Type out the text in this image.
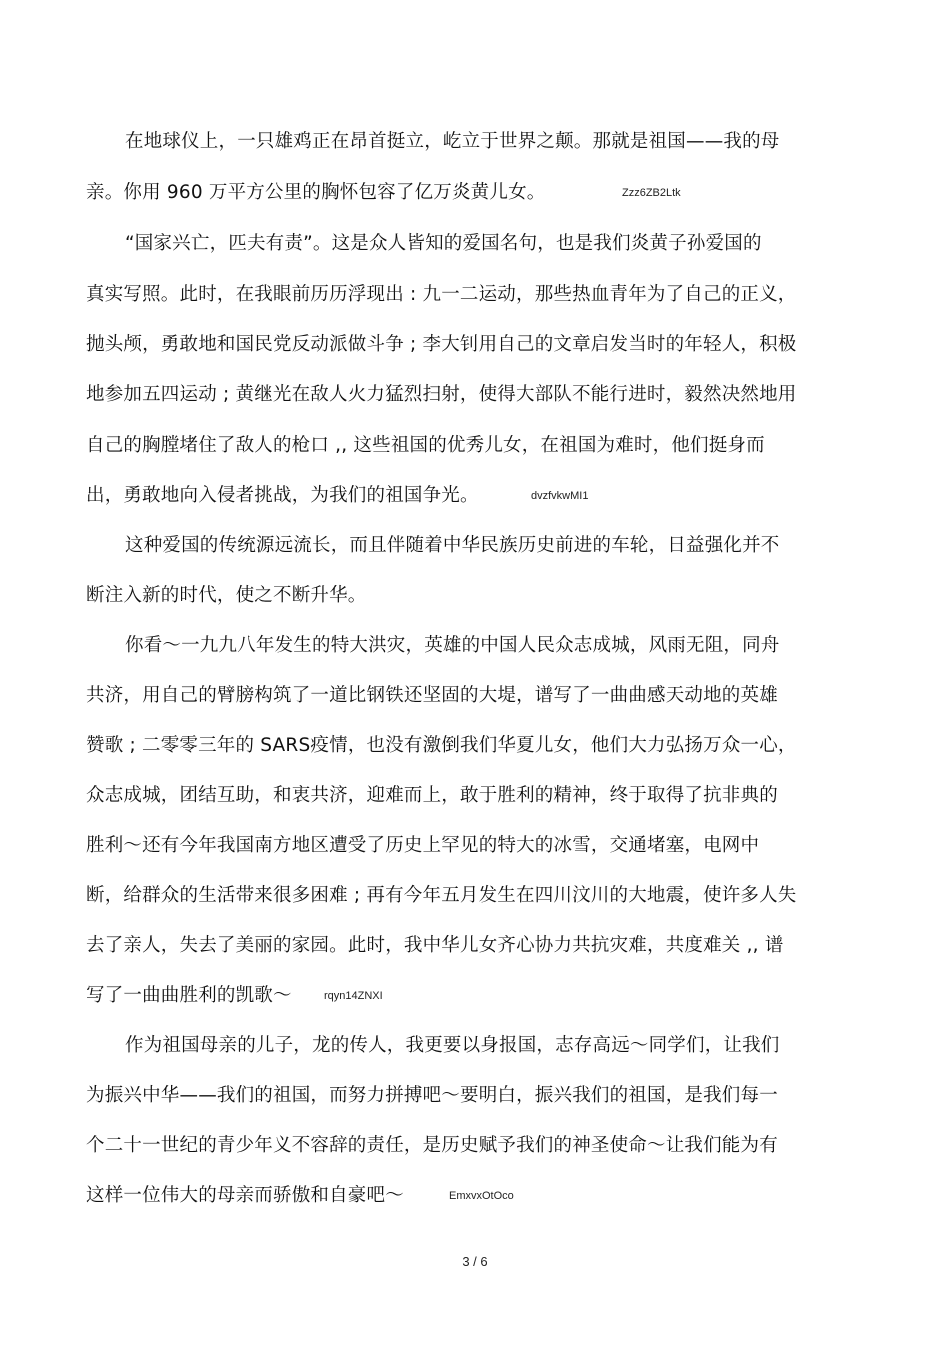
在地球仪上，一只雄鸡正在昂首挺立，屹立于世界之颠。那就是祖国——我的母
亲。你用 960 万平方公里的胸怀包容了亿万炎黄儿女。	Zzz6ZB2Ltk
“国家兴亡，匹夫有责”。这是众人皆知的爱国名句，也是我们炎黄子孙爱国的
真实写照。此时，在我眼前历历浮现出 : 九一二运动，那些热血青年为了自己的正义，
抛头颅，勇敢地和国民党反动派做斗争 ; 李大钊用自己的文章启发当时的年轻人，积极
地参加五四运动 ; 黄继光在敌人火力猛烈扫射，使得大部队不能行进时，毅然决然地用
自己的胸膛堵住了敌人的枪口 ,, 这些祖国的优秀儿女，在祖国为难时，他们挺身而
出，勇敢地向入侵者挑战，为我们的祖国争光。	dvzfvkwMI1
这种爱国的传统源远流长，而且伴随着中华民族历史前进的车轮，日益强化并不
断注入新的时代，使之不断升华。
你看～一九九八年发生的特大洪灾，英雄的中国人民众志成城，风雨无阻，同舟
共济，用自己的臂膀构筑了一道比钢铁还坚固的大堤，谱写了一曲曲感天动地的英雄
赞歌 ; 二零零三年的 SARS疫情，也没有激倒我们华夏儿女，他们大力弘扬万众一心，
众志成城，团结互助，和衷共济，迎难而上，敢于胜利的精神，终于取得了抗非典的
胜利～还有今年我国南方地区遭受了历史上罕见的特大的冰雪，交通堵塞，电网中
断，给群众的生活带来很多困难 ; 再有今年五月发生在四川汶川的大地震，使许多人失
去了亲人，失去了美丽的家园。此时，我中华儿女齐心协力共抗灾难，共度难关 ,, 谱
写了一曲曲胜利的凯歌～	rqyn14ZNXI
作为祖国母亲的儿子，龙的传人，我更要以身报国，志存高远～同学们，让我们
为振兴中华——我们的祖国，而努力拼搏吧～要明白，振兴我们的祖国，是我们每一
个二十一世纪的青少年义不容辞的责任，是历史赋予我们的神圣使命～让我们能为有
这样一位伟大的母亲而骄傲和自豪吧～	EmxvxOtOco
3 / 6
